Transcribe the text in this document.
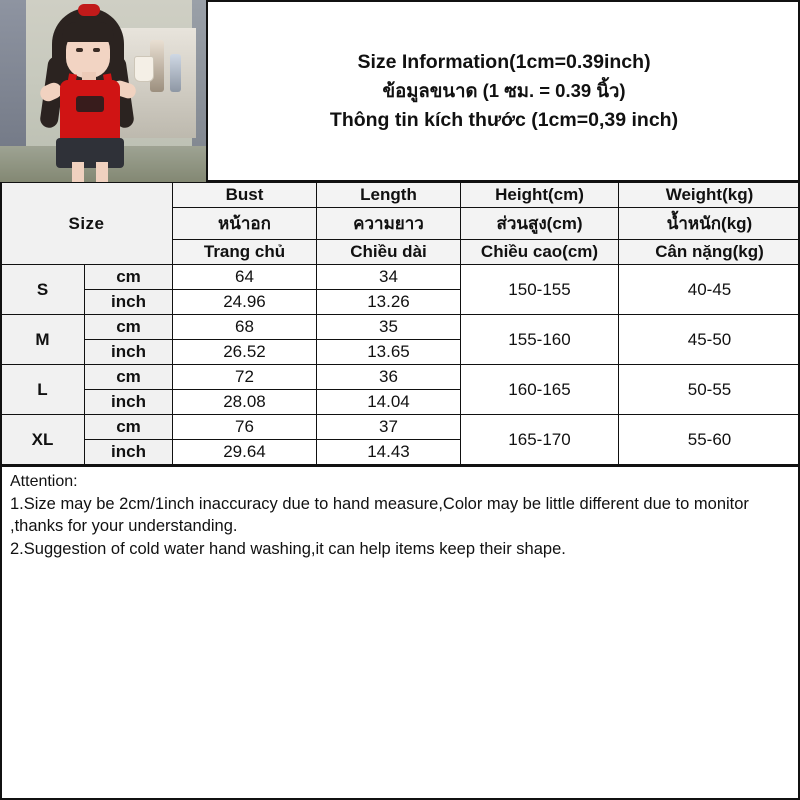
Size Information(1cm=0.39inch)
ข้อมูลขนาด (1 ซม. = 0.39 นิ้ว)
Thông tin kích thước (1cm=0,39 inch)
Size		Bust	Length	Height(cm)	Weight(kg)
		หน้าอก	ความยาว	ส่วนสูง(cm)	น้ำหนัก(kg)
		Trang chủ	Chiều dài	Chiều cao(cm)	Cân nặng(kg)
S	cm	64	34	150-155	40-45
	inch	24.96	13.26		
M	cm	68	35	155-160	45-50
	inch	26.52	13.65		
L	cm	72	36	160-165	50-55
	inch	28.08	14.04		
XL	cm	76	37	165-170	55-60
	inch	29.64	14.43		
Attention:

1.Size may be 2cm/1inch inaccuracy due to hand measure,Color may be little different due to monitor ,thanks for your understanding.

2.Suggestion of cold water hand washing,it can help items keep their shape.
